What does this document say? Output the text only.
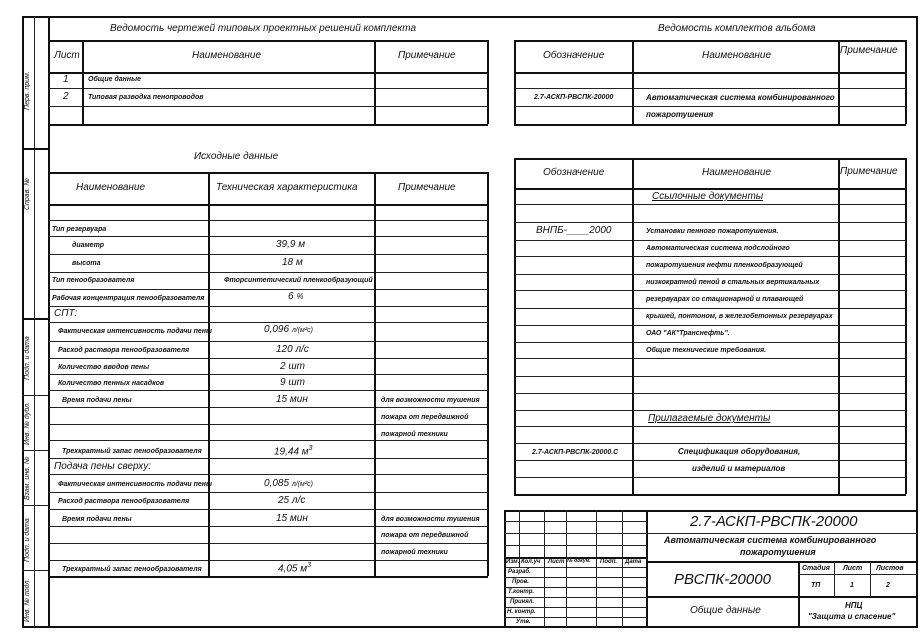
Перв. прим.
Справ. №
Подп. и дата
Инв. № дубл.
Взам. инв. №
Подп. и дата
Инв. № подл.
Ведомость чертежей типовых проектных решений комплекта
Лист	Наименование	Примечание
1	Общие данные
2	Типовая разводка пенопроводов
Исходные данные
Наименование	Техническая характеристика	Примечание
Тип резервуара
диаметр	39,9 м
высота	18 м
Тип пенообразователя	Фторсинтетический пленкообразующий
Рабочая концентрация пенообразователя	6 %
СПТ:
Фактическая интенсивность подачи пены	0,096 л/(м²с)
Расход раствора пенообразователя	120 л/с
Количество вводов пены	2 шт
Количество пенных насадков	9 шт
Время подачи пены	15 мин	для возможности тушения
пожара от передвижной
пожарной техники
Трехкратный запас пенообразователя	19,44 $м^3$
Подача пены сверху:
Фактическая интенсивность подачи пены	0,085 л/(м²с)
Расход раствора пенообразователя	25 л/с
Время подачи пены	15 мин	для возможности тушения
пожара от передвижной
пожарной техники
Трехкратный запас пенообразователя	4,05 $м^3$
Ведомость комплектов альбома
Обозначение	Наименование	Примечание
2.7-АСКП-РВСПК-20000	Автоматическая система комбинированного
пожаротушения
Обозначение	Наименование	Примечание
Ссылочные документы
ВНПБ-____2000	Установки пенного пожаротушения.
Автоматическая система подслойного
пожаротушения нефти пленкообразующей
низкократной пеной в стальных вертикальных
резервуарах со стационарной и плавающей
крышей, понтоном, в железобетонных резервуарах
ОАО "АК"Транснефть".
Общие технические требования.
Прилагаемые документы
2.7-АСКП-РВСПК-20000.С	Спецификация оборудования,
изделий и материалов
Изм. Кол.уч Лист № докум. Подп. Дата
Разраб.
Пров.
Т.контр.
Принял.
Н. контр.
Утв.
2.7-АСКП-РВСПК-20000
Автоматическая система комбинированного
пожаротушения
РВСПК-20000
Общие данные
Стадия Лист Листов
ТП	1	2
НПЦ
"Защита и спасение"
